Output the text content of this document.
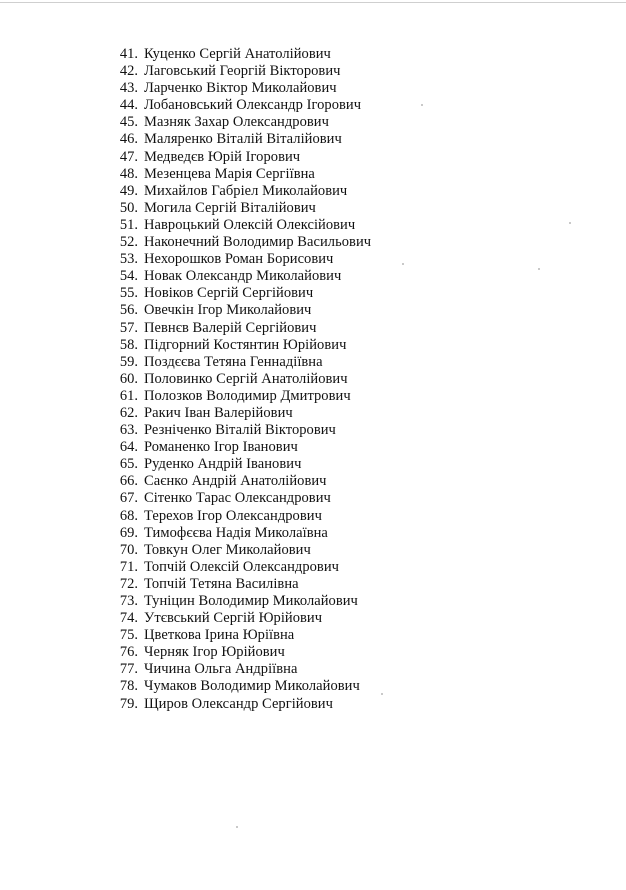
41. Куценко Сергій Анатолійович
42. Лаговський Георгій Вікторович
43. Ларченко Віктор Миколайович
44. Лобановський Олександр Ігорович
45. Мазняк Захар Олександрович
46. Маляренко Віталій Віталійович
47. Медведєв Юрій Ігорович
48. Мезенцева Марія Сергіївна
49. Михайлов Габріел Миколайович
50. Могила Сергій Віталійович
51. Навроцький Олексій Олексійович
52. Наконечний Володимир Васильович
53. Нехорошков Роман Борисович
54. Новак Олександр Миколайович
55. Новіков Сергій Сергійович
56. Овечкін Ігор Миколайович
57. Певнєв Валерій Сергійович
58. Підгорний Костянтин Юрійович
59. Поздєєва Тетяна Геннадіївна
60. Половинко Сергій Анатолійович
61. Полозков Володимир Дмитрович
62. Ракич Іван Валерійович
63. Резніченко Віталій Вікторович
64. Романенко Ігор Іванович
65. Руденко Андрій Іванович
66. Саєнко Андрій Анатолійович
67. Сітенко Тарас Олександрович
68. Терехов Ігор Олександрович
69. Тимофєєва Надія Миколаївна
70. Товкун Олег Миколайович
71. Топчій Олексій Олександрович
72. Топчій Тетяна Василівна
73. Туніцин Володимир Миколайович
74. Утєвський Сергій Юрійович
75. Цветкова Ірина Юріївна
76. Черняк Ігор Юрійович
77. Чичина Ольга Андріївна
78. Чумаков Володимир Миколайович
79. Щиров Олександр Сергійович
